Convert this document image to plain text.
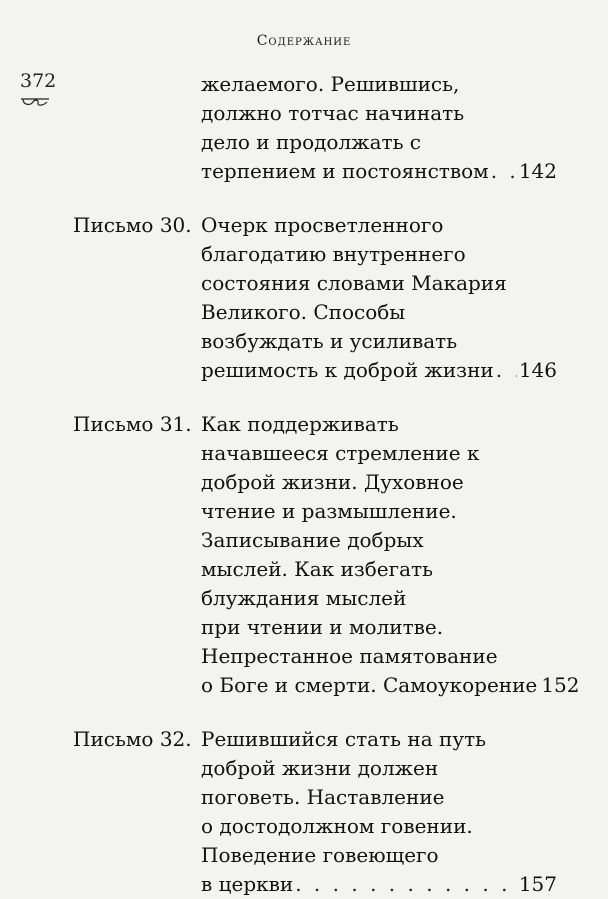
Содержание
372	желаемого. Решившись,
должно тотчас начинать
дело и продолжать с
терпением и постоянством . . . 142
Письмо 30. Очерк просветленного
благодатию внутреннего
состояния словами Макария
Великого. Способы
возбуждать и усиливать
решимость к доброй жизни . . . 146
Письмо 31. Как поддерживать
начавшееся стремление к
доброй жизни. Духовное
чтение и размышление.
Записывание добрых
мыслей. Как избегать
блуждания мыслей
при чтении и молитве.
Непрестанное памятование
о Боге и смерти. Самоукорение 152
Письмо 32. Решившийся стать на путь
доброй жизни должен
поговеть. Наставление
о достодолжном говении.
Поведение говеющего
в церкви . . .	157
